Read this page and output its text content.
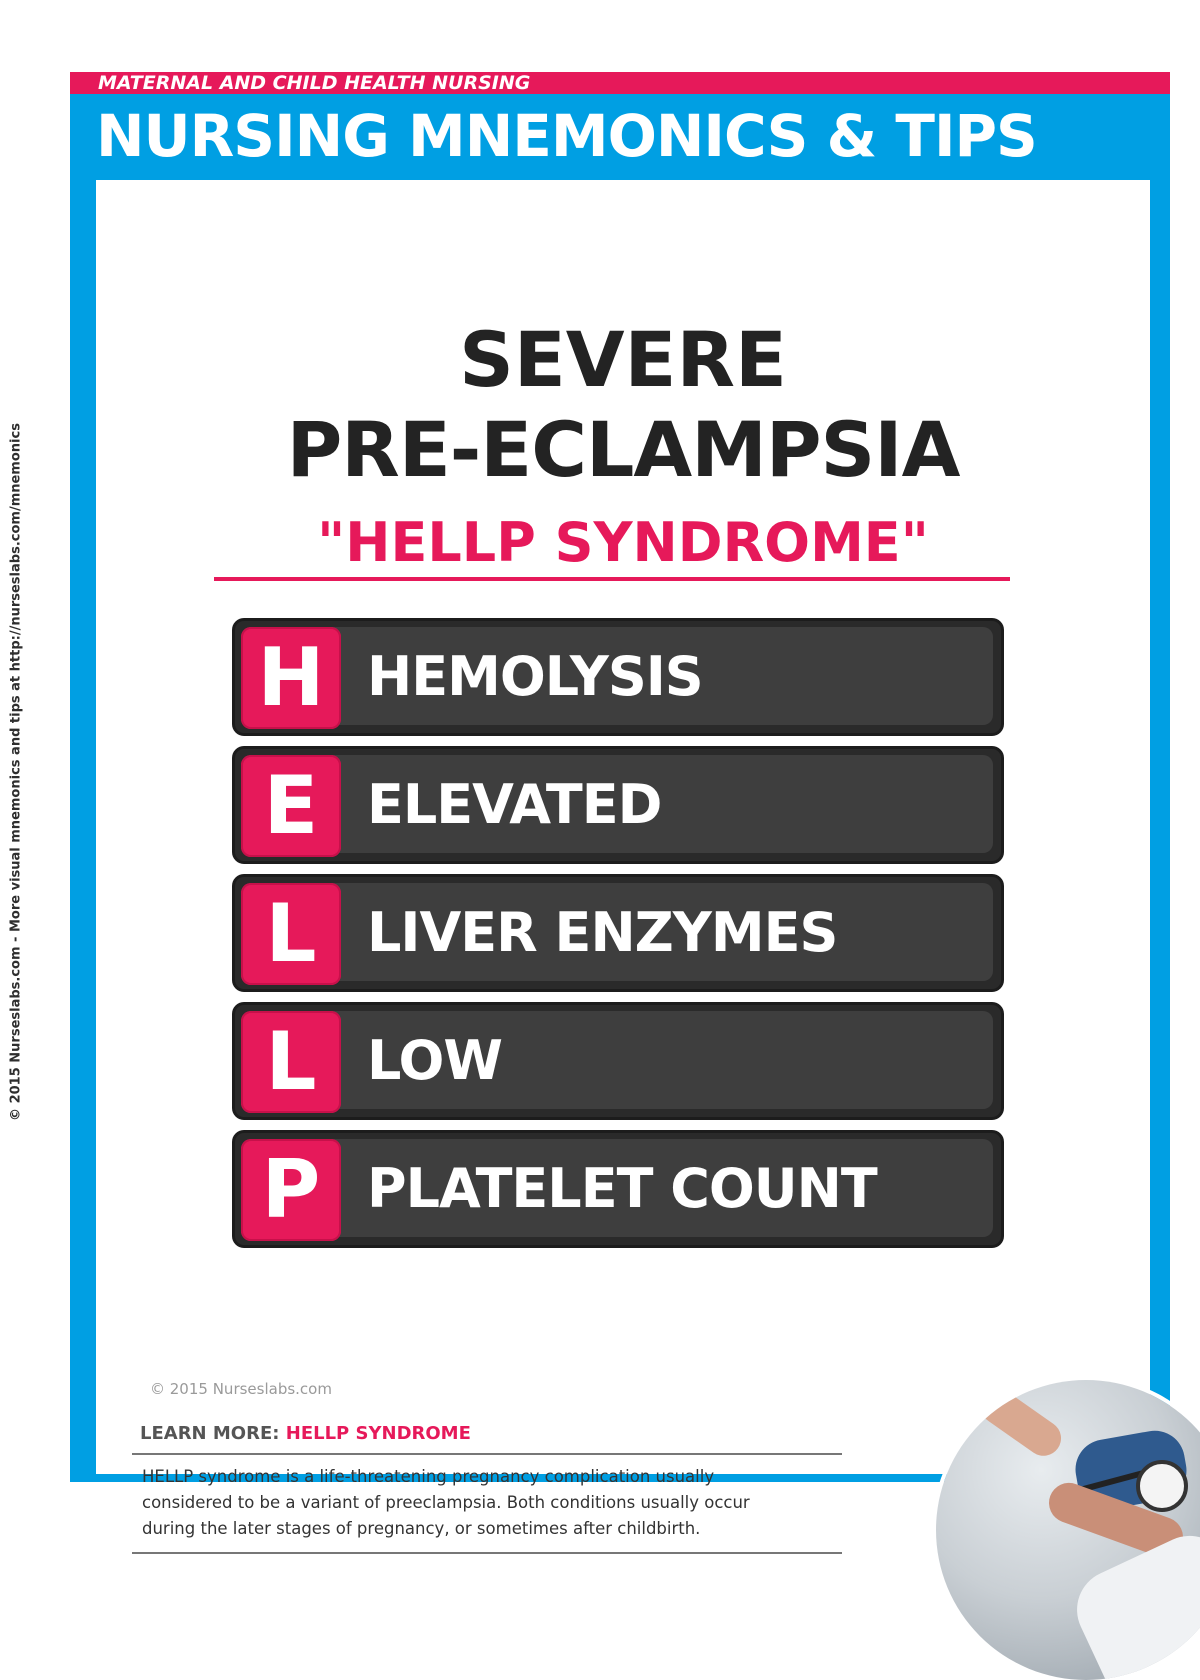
MATERNAL AND CHILD HEALTH NURSING
NURSING MNEMONICS & TIPS
SEVERE
PRE-ECLAMPSIA
"HELLP SYNDROME"
H HEMOLYSIS
E ELEVATED
L LIVER ENZYMES
L LOW
P PLATELET COUNT
© 2015 Nurseslabs.com
LEARN MORE: HELLP SYNDROME
HELLP syndrome is a life-threatening pregnancy complication usually
considered to be a variant of preeclampsia. Both conditions usually occur
during the later stages of pregnancy, or sometimes after childbirth.
© 2015 Nurseslabs.com - More visual mnemonics and tips at http://nurseslabs.com/mnemonics
